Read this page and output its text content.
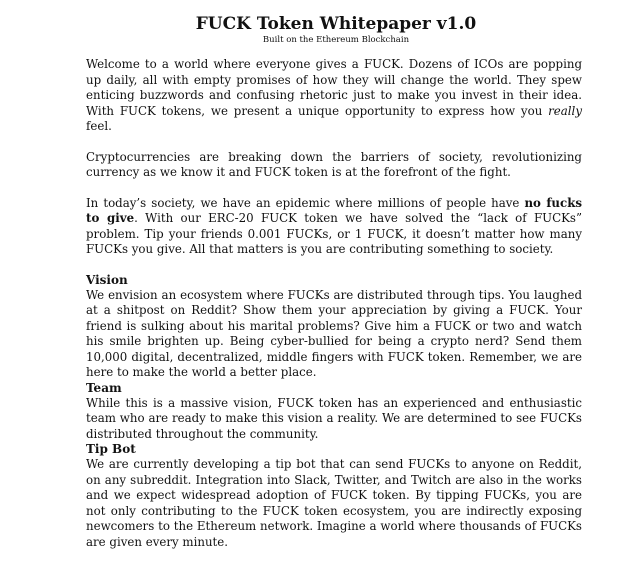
FUCK Token Whitepaper v1.0
Built on the Ethereum Blockchain

Welcome to a world where everyone gives a FUCK. Dozens of ICOs are popping up daily, all with empty promises of how they will change the world. They spew enticing buzzwords and confusing rhetoric just to make you invest in their idea. With FUCK tokens, we present a unique opportunity to express how you really feel.

Cryptocurrencies are breaking down the barriers of society, revolutionizing currency as we know it and FUCK token is at the forefront of the fight.

In today’s society, we have an epidemic where millions of people have no fucks to give. With our ERC-20 FUCK token we have solved the “lack of FUCKs” problem. Tip your friends 0.001 FUCKs, or 1 FUCK, it doesn’t matter how many FUCKs you give. All that matters is you are contributing something to society.

Vision

We envision an ecosystem where FUCKs are distributed through tips. You laughed at a shitpost on Reddit? Show them your appreciation by giving a FUCK. Your friend is sulking about his marital problems? Give him a FUCK or two and watch his smile brighten up. Being cyber-bullied for being a crypto nerd? Send them 10,000 digital, decentralized, middle fingers with FUCK token. Remember, we are here to make the world a better place.

Team

While this is a massive vision, FUCK token has an experienced and enthusiastic team who are ready to make this vision a reality. We are determined to see FUCKs distributed throughout the community.

Tip Bot

We are currently developing a tip bot that can send FUCKs to anyone on Reddit, on any subreddit. Integration into Slack, Twitter, and Twitch are also in the works and we expect widespread adoption of FUCK token. By tipping FUCKs, you are not only contributing to the FUCK token ecosystem, you are indirectly exposing newcomers to the Ethereum network. Imagine a world where thousands of FUCKs are given every minute.
